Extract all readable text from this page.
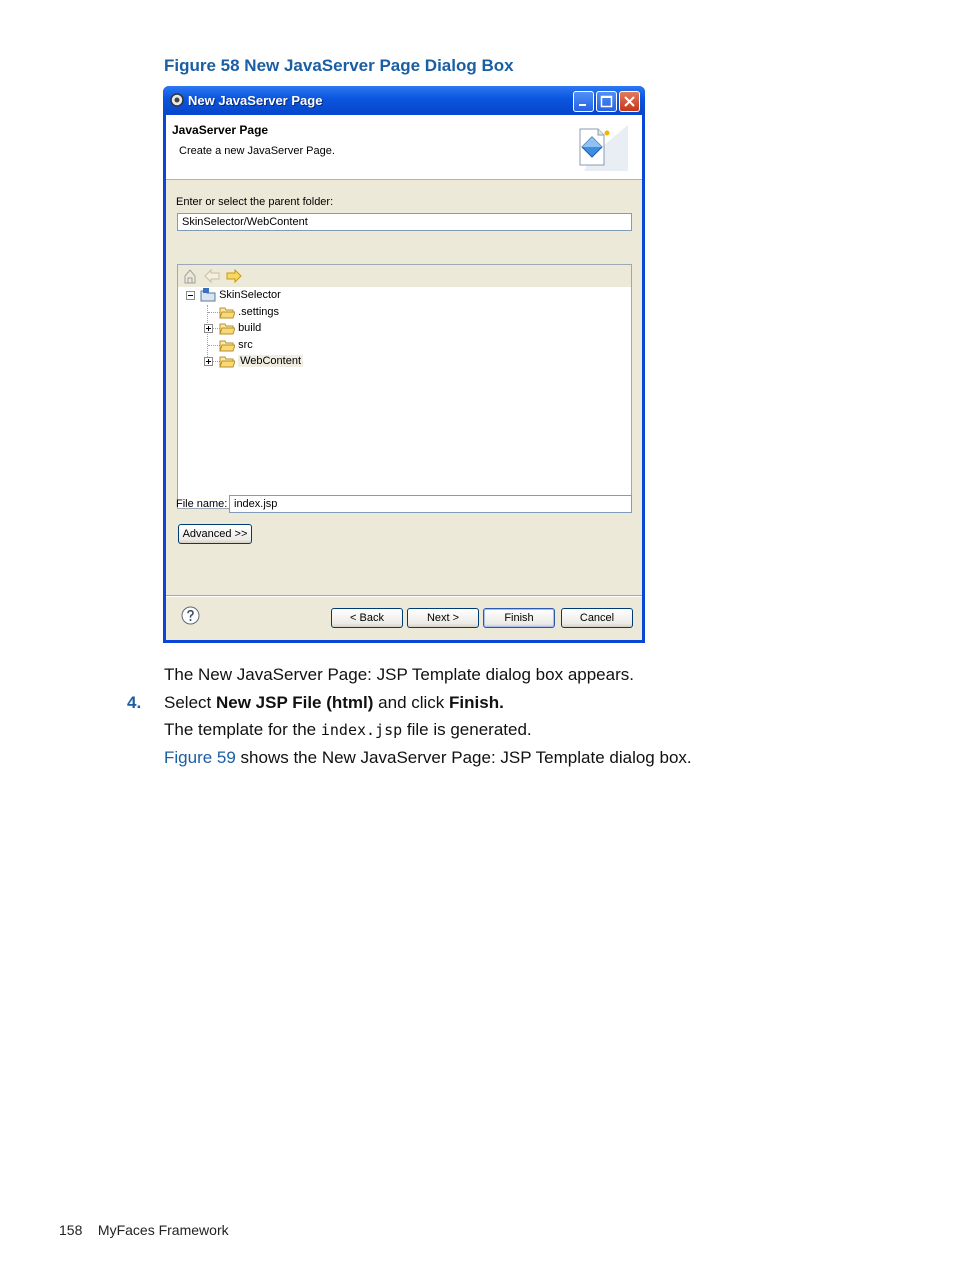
Figure 58 New JavaServer Page Dialog Box
New JavaServer Page
JavaServer Page
Create a new JavaServer Page.
Enter or select the parent folder:
SkinSelector/WebContent
SkinSelector
.settings
build
src
WebContent
File name: index.jsp
Advanced >>
< Back	Next >	Finish	Cancel
The New JavaServer Page: JSP Template dialog box appears.
4. Select New JSP File (html) and click Finish.
The template for the index.jsp file is generated.
Figure 59 shows the New JavaServer Page: JSP Template dialog box.
158 MyFaces Framework
